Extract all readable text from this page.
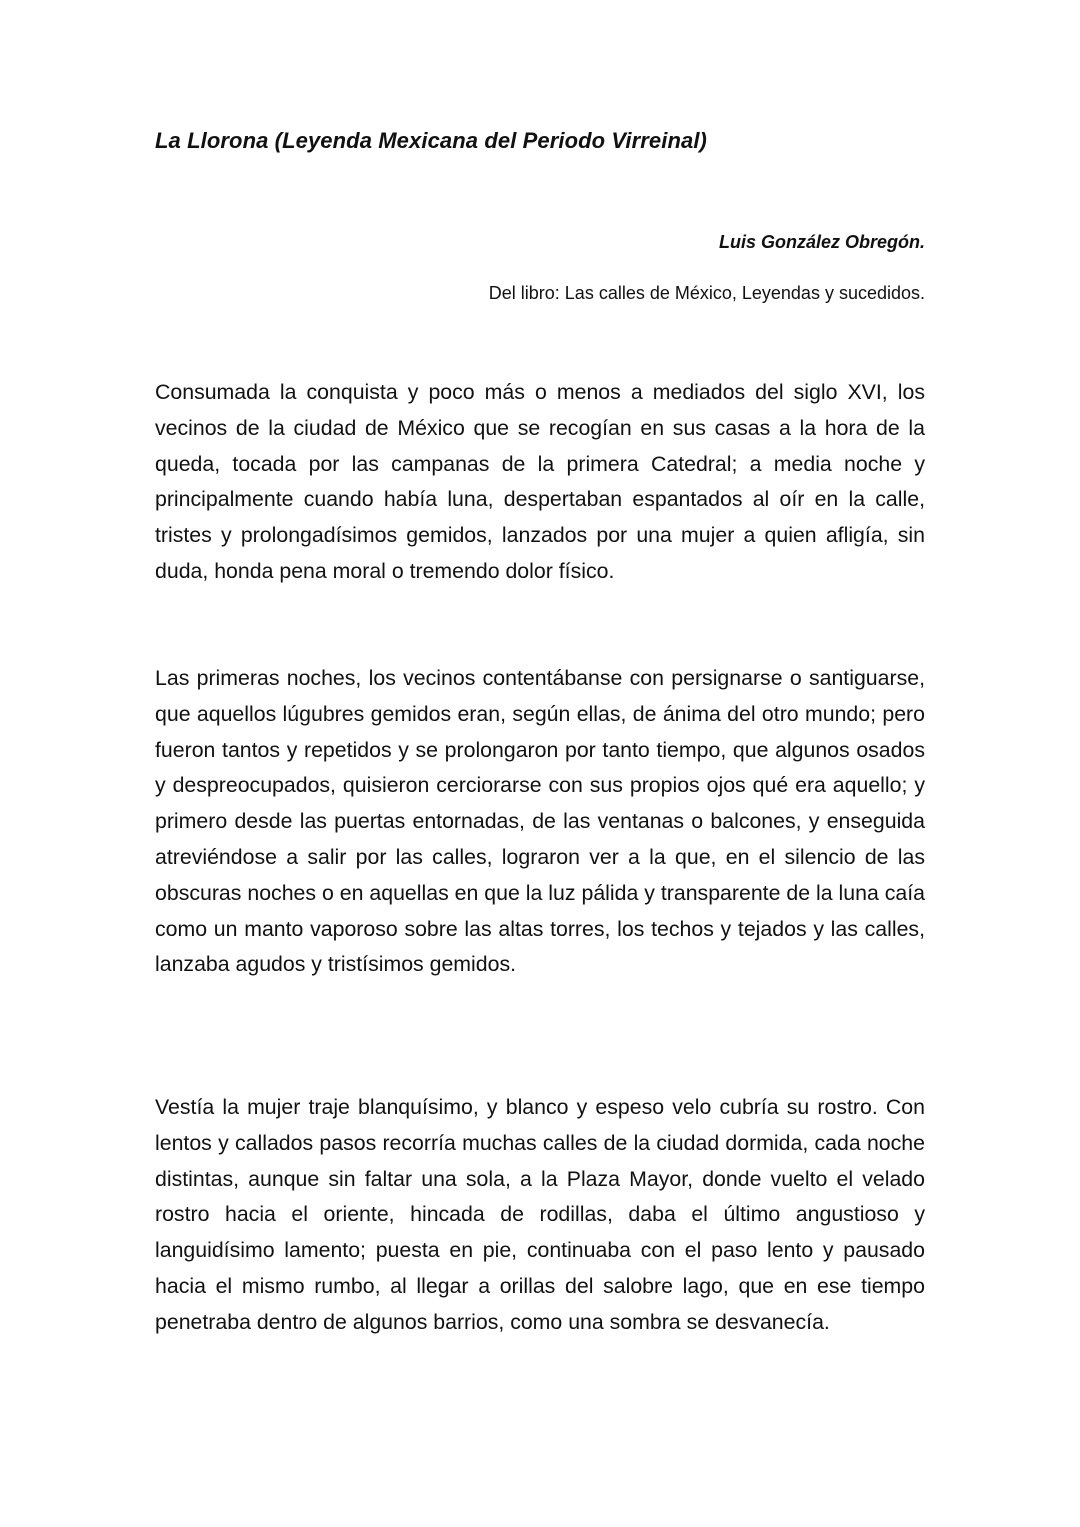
La Llorona (Leyenda Mexicana del Periodo Virreinal)

Luis González Obregón.

Del libro: Las calles de México, Leyendas y sucedidos.

Consumada la conquista y poco más o menos a mediados del siglo XVI, los vecinos de la ciudad de México que se recogían en sus casas a la hora de la queda, tocada por las campanas de la primera Catedral; a media noche y principalmente cuando había luna, despertaban espantados al oír en la calle, tristes y prolongadísimos gemidos, lanzados por una mujer a quien afligía, sin duda, honda pena moral o tremendo dolor físico.

Las primeras noches, los vecinos contentábanse con persignarse o santiguarse, que aquellos lúgubres gemidos eran, según ellas, de ánima del otro mundo; pero fueron tantos y repetidos y se prolongaron por tanto tiempo, que algunos osados y despreocupados, quisieron cerciorarse con sus propios ojos qué era aquello; y primero desde las puertas entornadas, de las ventanas o balcones, y enseguida atreviéndose a salir por las calles, lograron ver a la que, en el silencio de las obscuras noches o en aquellas en que la luz pálida y transparente de la luna caía como un manto vaporoso sobre las altas torres, los techos y tejados y las calles, lanzaba agudos y tristísimos gemidos.

Vestía la mujer traje blanquísimo, y blanco y espeso velo cubría su rostro. Con lentos y callados pasos recorría muchas calles de la ciudad dormida, cada noche distintas, aunque sin faltar una sola, a la Plaza Mayor, donde vuelto el velado rostro hacia el oriente, hincada de rodillas, daba el último angustioso y languidísimo lamento; puesta en pie, continuaba con el paso lento y pausado hacia el mismo rumbo, al llegar a orillas del salobre lago, que en ese tiempo penetraba dentro de algunos barrios, como una sombra se desvanecía.
